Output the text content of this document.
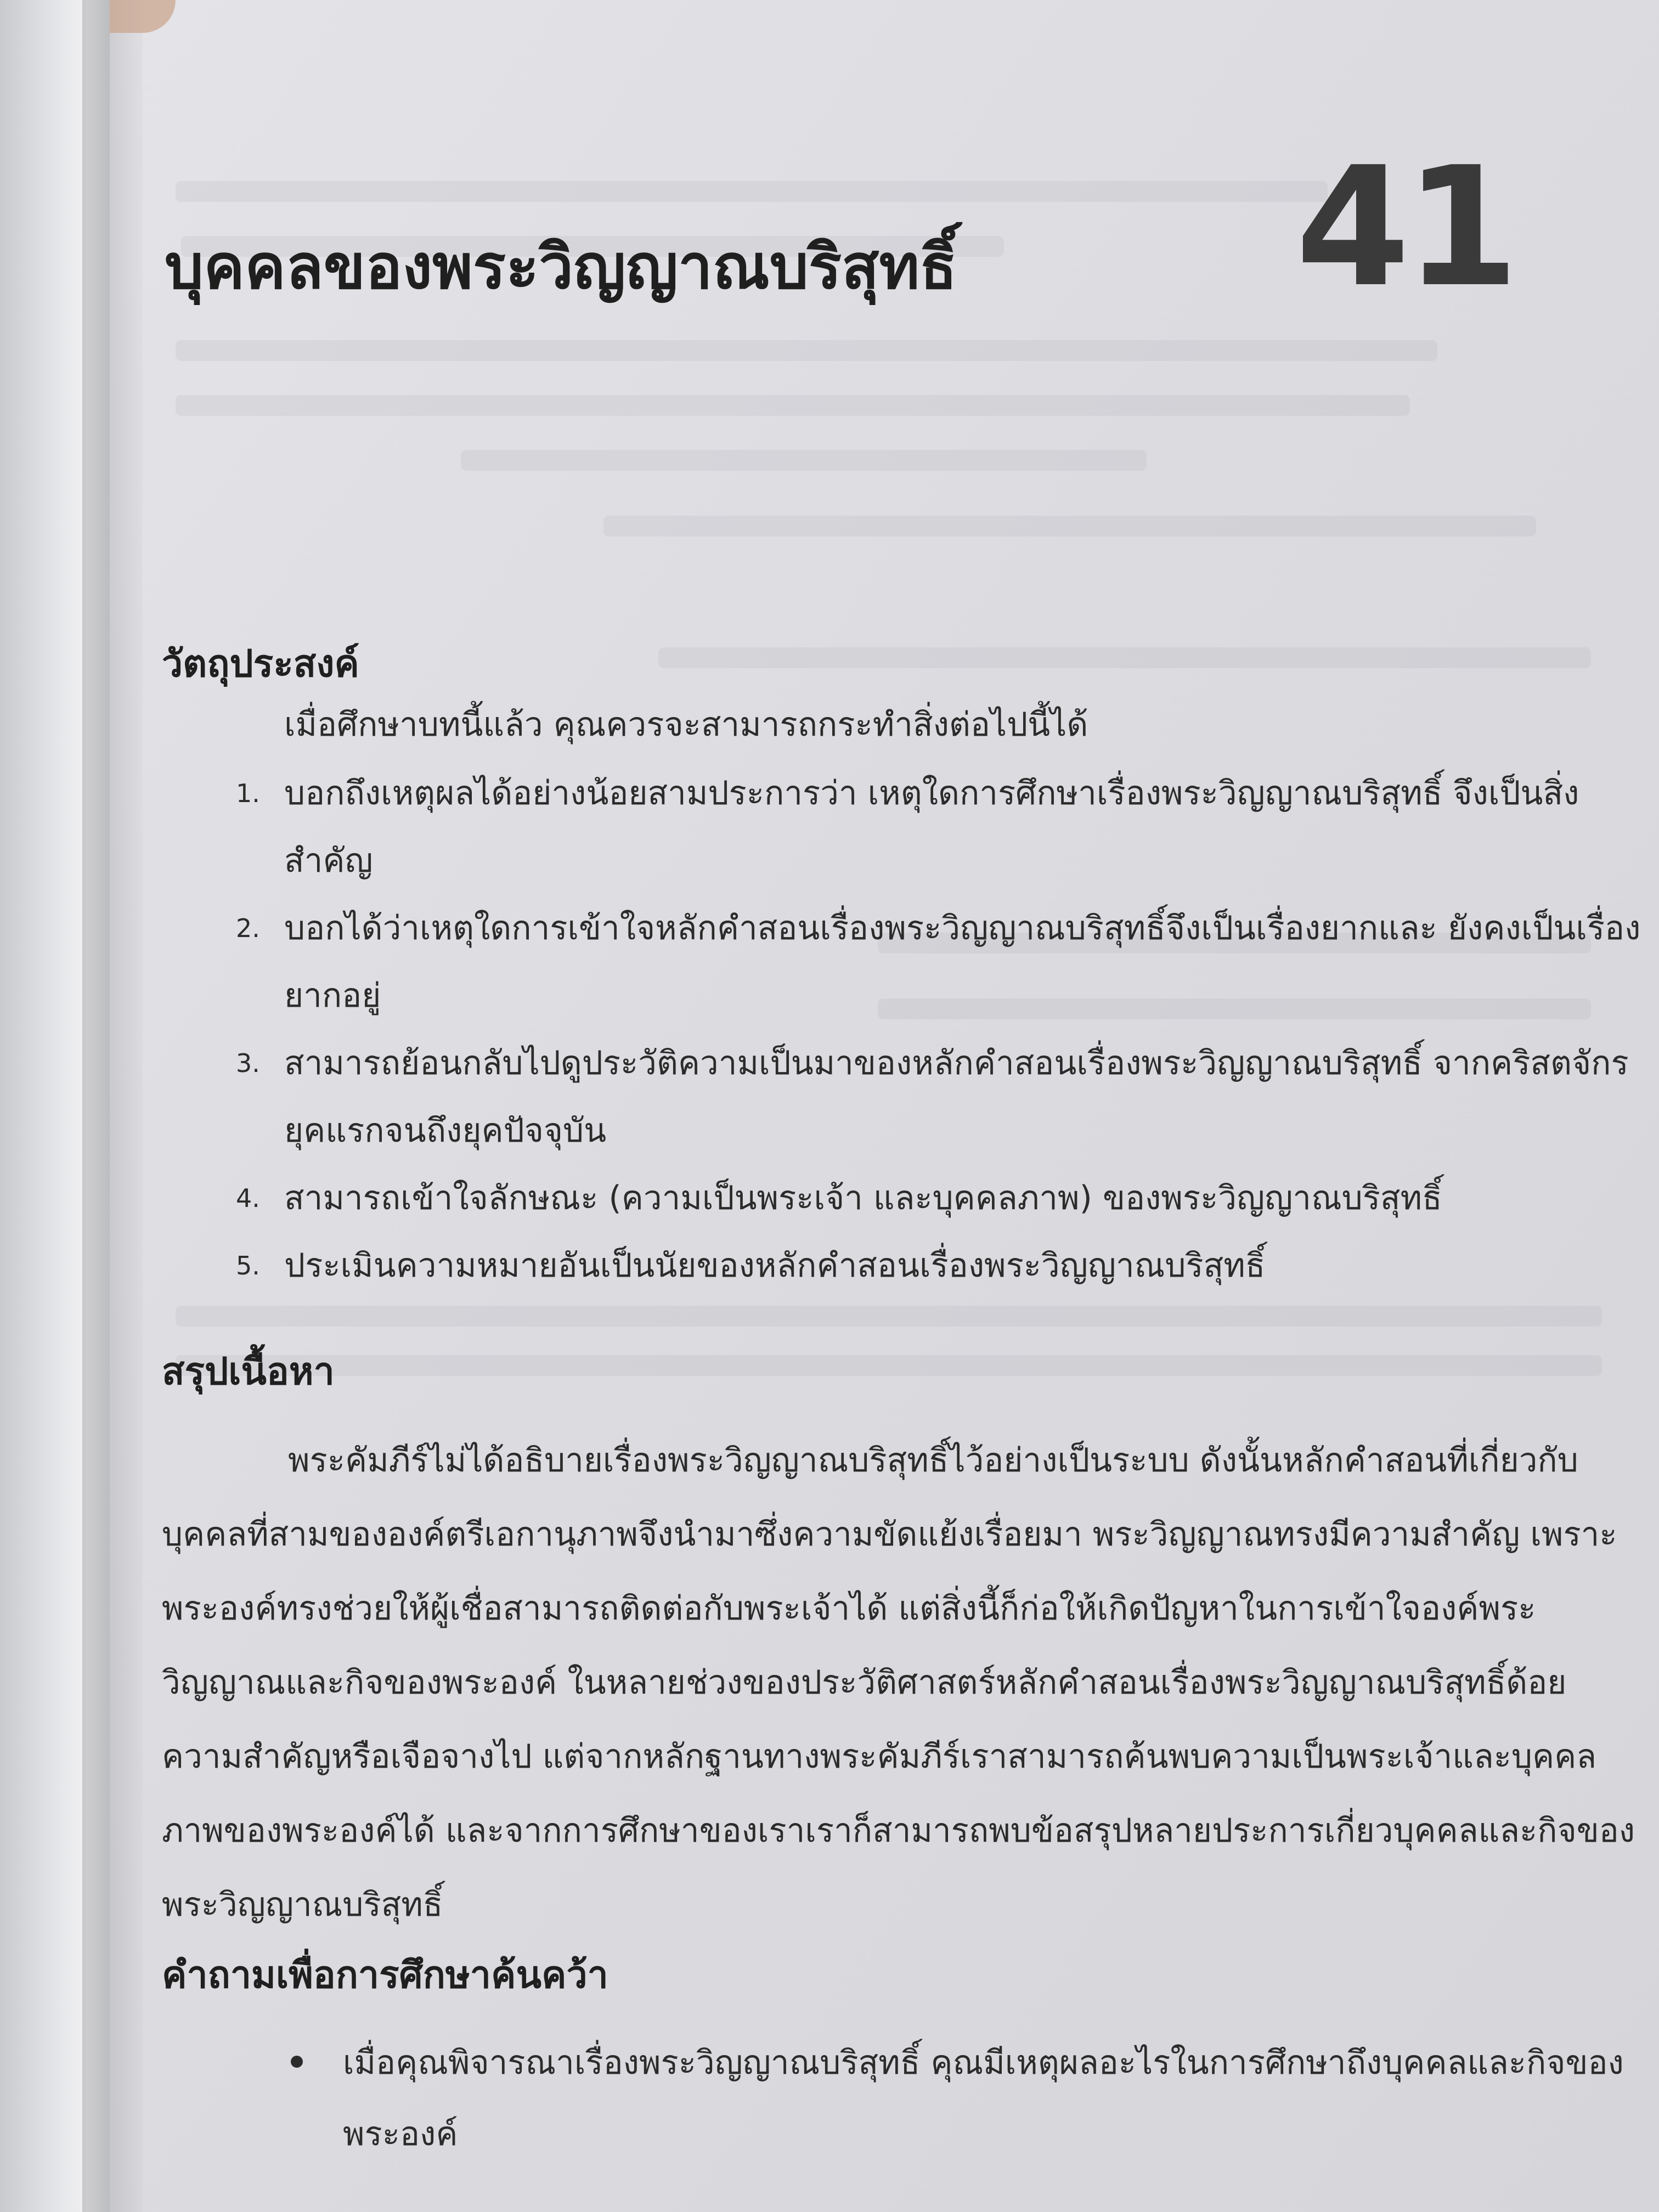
41
บุคคลของพระวิญญาณบริสุทธิ์
วัตถุประสงค์
เมื่อศึกษาบทนี้แล้ว คุณควรจะสามารถกระทำสิ่งต่อไปนี้ได้
1. บอกถึงเหตุผลได้อย่างน้อยสามประการว่า เหตุใดการศึกษาเรื่องพระวิญญาณบริสุทธิ์ จึงเป็นสิ่งสำคัญ
2. บอกได้ว่าเหตุใดการเข้าใจหลักคำสอนเรื่องพระวิญญาณบริสุทธิ์จึงเป็นเรื่องยากและ ยังคงเป็นเรื่องยากอยู่
3. สามารถย้อนกลับไปดูประวัติความเป็นมาของหลักคำสอนเรื่องพระวิญญาณบริสุทธิ์ จากคริสตจักรยุคแรกจนถึงยุคปัจจุบัน
4. สามารถเข้าใจลักษณะ (ความเป็นพระเจ้า และบุคคลภาพ) ของพระวิญญาณบริสุทธิ์
5. ประเมินความหมายอันเป็นนัยของหลักคำสอนเรื่องพระวิญญาณบริสุทธิ์
สรุปเนื้อหา

พระคัมภีร์ไม่ได้อธิบายเรื่องพระวิญญาณบริสุทธิ์ไว้อย่างเป็นระบบ ดังนั้นหลักคำสอนที่เกี่ยวกับบุคคลที่สามขององค์ตรีเอกานุภาพจึงนำมาซึ่งความขัดแย้งเรื่อยมา พระวิญญาณทรงมีความสำคัญ เพราะพระองค์ทรงช่วยให้ผู้เชื่อสามารถติดต่อกับพระเจ้าได้ แต่สิ่งนี้ก็ก่อให้เกิดปัญหาในการเข้าใจองค์พระวิญญาณและกิจของพระองค์ ในหลายช่วงของประวัติศาสตร์หลักคำสอนเรื่องพระวิญญาณบริสุทธิ์ด้อยความสำคัญหรือเจือจางไป แต่จากหลักฐานทางพระคัมภีร์เราสามารถค้นพบความเป็นพระเจ้าและบุคคลภาพของพระองค์ได้ และจากการศึกษาของเราเราก็สามารถพบข้อสรุปหลายประการเกี่ยวบุคคลและกิจของพระวิญญาณบริสุทธิ์

คำถามเพื่อการศึกษาค้นคว้า
เมื่อคุณพิจารณาเรื่องพระวิญญาณบริสุทธิ์ คุณมีเหตุผลอะไรในการศึกษาถึงบุคคลและกิจของพระองค์
